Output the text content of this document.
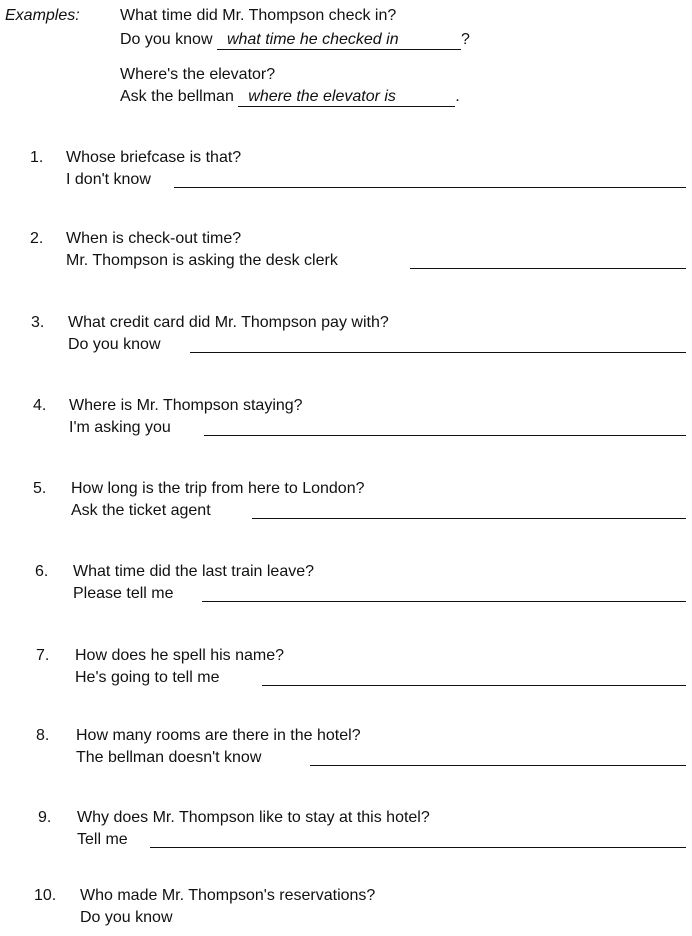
Examples:	What time did Mr. Thompson check in?
Do you know what time he checked in	?
Where's the elevator?
Ask the bellman where the elevator is	.
1.	Whose briefcase is that?
I don't know
2.	When is check-out time?
Mr. Thompson is asking the desk clerk
3.	What credit card did Mr. Thompson pay with?
Do you know
4.	Where is Mr. Thompson staying?
I'm asking you
5.	How long is the trip from here to London?
Ask the ticket agent
6.	What time did the last train leave?
Please tell me
7.	How does he spell his name?
He's going to tell me
8.	How many rooms are there in the hotel?
The bellman doesn't know
9.	Why does Mr. Thompson like to stay at this hotel?
Tell me
10.	Who made Mr. Thompson's reservations?
Do you know
